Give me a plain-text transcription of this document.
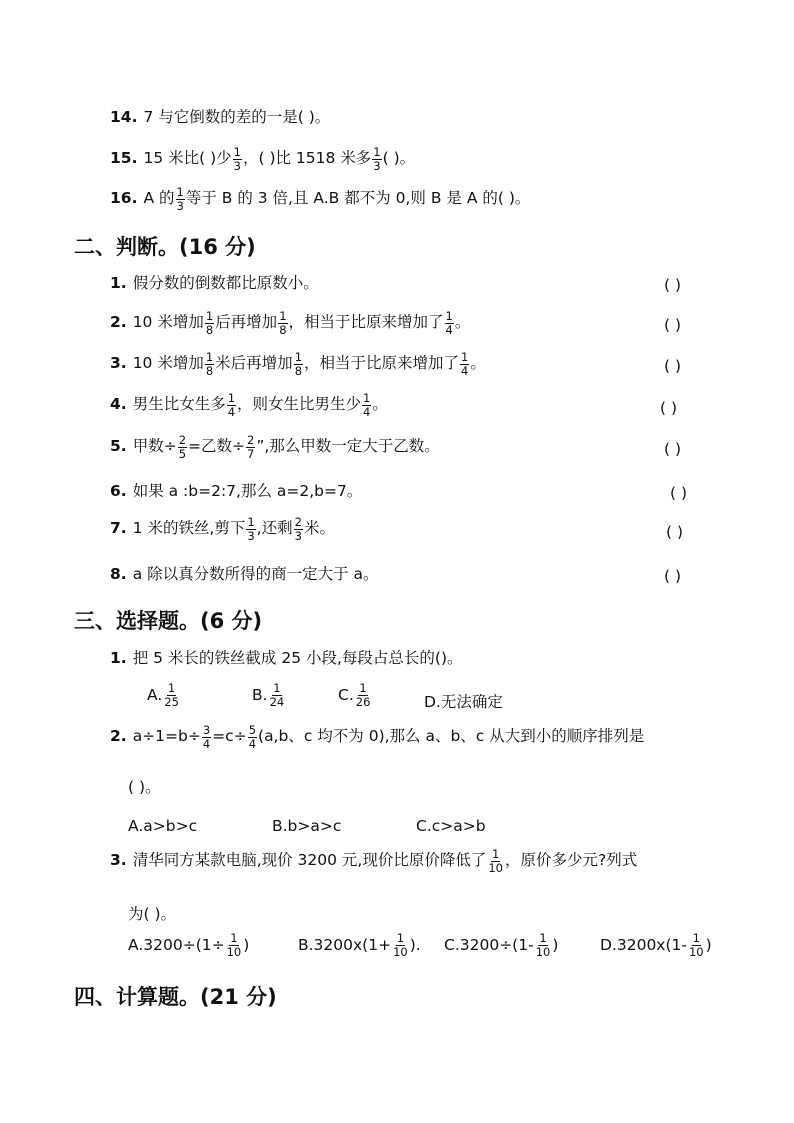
14. 7 与它倒数的差的一是( )。
15. 15 米比( )少 $\frac{1}{3}$ ，( )比 1518 米多 $\frac{1}{3}$ ( )。
16. A 的 $\frac{1}{3}$ 等于 B 的 3 倍,且 A.B 都不为 0,则 B 是 A 的( )。
二、判断。(16 分)
1. 假分数的倒数都比原数小。	( )
2. 10 米增加 $\frac{1}{8}$ 后再增加 $\frac{1}{8}$ ，相当于比原来增加了 $\frac{1}{4}$ 。	( )
3. 10 米增加 $\frac{1}{8}$ 米后再增加 $\frac{1}{8}$ ，相当于比原来增加了 $\frac{1}{4}$ 。	( )
4. 男生比女生多 $\frac{1}{4}$ ，则女生比男生少 $\frac{1}{4}$ 。	( )
5. 甲数÷ $\frac{2}{5}$ =乙数÷ $\frac{2}{7}$ ”,那么甲数一定大于乙数。	( )
6. 如果 a :b=2:7,那么 a=2,b=7。	( )
7. 1 米的铁丝,剪下 $\frac{1}{3}$ ,还剩 $\frac{2}{3}$ 米。	( )
8. a 除以真分数所得的商一定大于 a。	( )
三、选择题。(6 分)
1. 把 5 米长的铁丝截成 25 小段,每段占总长的()。
A. $\frac{1}{25}$	B. $\frac{1}{24}$	C. $\frac{1}{26}$	D.无法确定
2. $a\div 1=b\div \frac{3}{4} =c\div \frac{5}{4} (a,b$、c 均不为 0),那么 a、b、c 从大到小的顺序排列是
( )。
A.a>b>c	B.b>a>c	C.c>a>b
3. 清华同方某款电脑,现价 3200 元,现价比原价降低了 $\frac{1}{10}$ ，原价多少元?列式
为( )。
$A.3200\div(1\div \frac{1}{10}$ )	$B.3200x(1+ \frac{1}{10}$ ). $C.3200\div(1- \frac{1}{10}$ )	$D.3200x(1- \frac{1}{10}$ )
四、计算题。(21 分)
